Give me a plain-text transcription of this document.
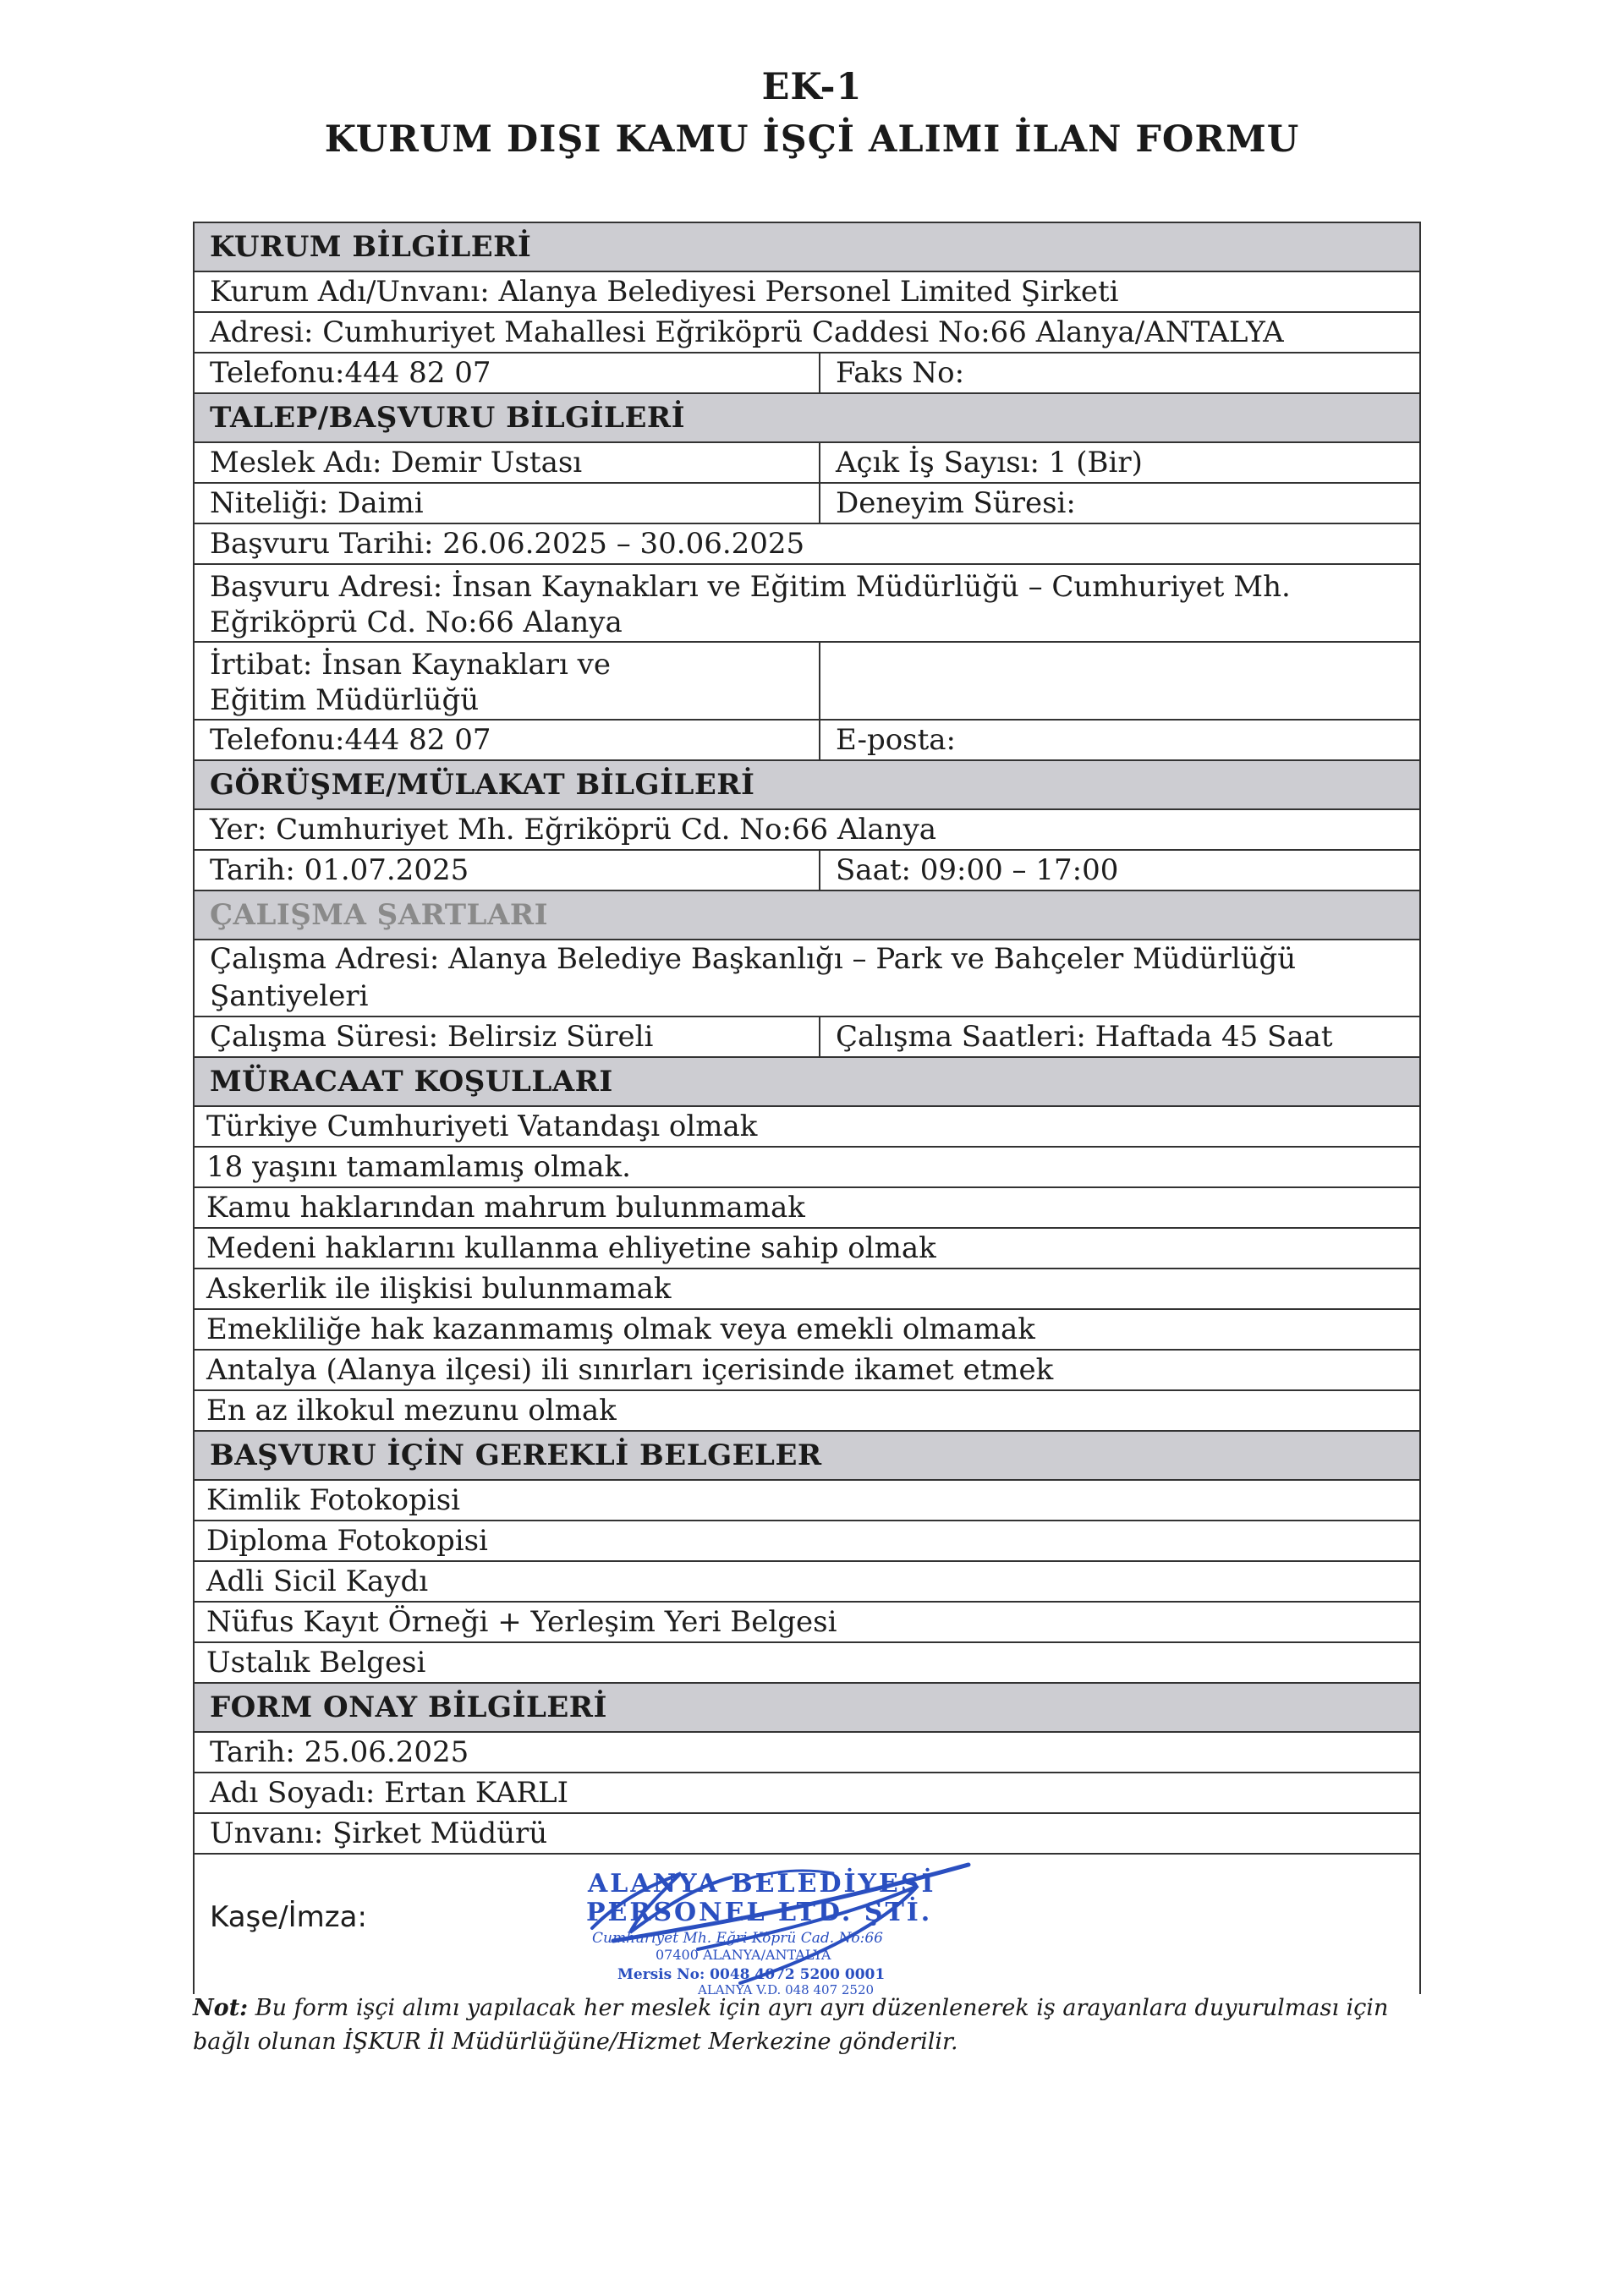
EK-1
KURUM DIŞI KAMU İŞÇİ ALIMI İLAN FORMU
KURUM BİLGİLERİ
Kurum Adı/Unvanı: Alanya Belediyesi Personel Limited Şirketi
Adresi: Cumhuriyet Mahallesi Eğriköprü Caddesi No:66 Alanya/ANTALYA
Telefonu:444 82 07	Faks No:
TALEP/BAŞVURU BİLGİLERİ
Meslek Adı: Demir Ustası	Açık İş Sayısı: 1 (Bir)
Niteliği: Daimi	Deneyim Süresi:
Başvuru Tarihi: 26.06.2025 – 30.06.2025
Başvuru Adresi: İnsan Kaynakları ve Eğitim Müdürlüğü – Cumhuriyet Mh. Eğriköprü Cd. No:66 Alanya
İrtibat: İnsan Kaynakları ve Eğitim Müdürlüğü
Telefonu:444 82 07	E-posta:
GÖRÜŞME/MÜLAKAT BİLGİLERİ
Yer: Cumhuriyet Mh. Eğriköprü Cd. No:66 Alanya
Tarih: 01.07.2025	Saat: 09:00 – 17:00
ÇALIŞMA ŞARTLARI
Çalışma Adresi: Alanya Belediye Başkanlığı – Park ve Bahçeler Müdürlüğü Şantiyeleri
Çalışma Süresi: Belirsiz Süreli	Çalışma Saatleri: Haftada 45 Saat
MÜRACAAT KOŞULLARI
Türkiye Cumhuriyeti Vatandaşı olmak
18 yaşını tamamlamış olmak.
Kamu haklarından mahrum bulunmamak
Medeni haklarını kullanma ehliyetine sahip olmak
Askerlik ile ilişkisi bulunmamak
Emekliliğe hak kazanmamış olmak veya emekli olmamak
Antalya (Alanya ilçesi) ili sınırları içerisinde ikamet etmek
En az ilkokul mezunu olmak
BAŞVURU İÇİN GEREKLİ BELGELER
Kimlik Fotokopisi
Diploma Fotokopisi
Adli Sicil Kaydı
Nüfus Kayıt Örneği + Yerleşim Yeri Belgesi
Ustalık Belgesi
FORM ONAY BİLGİLERİ
Tarih: 25.06.2025
Adı Soyadı: Ertan KARLI
Unvanı: Şirket Müdürü
Kaşe/İmza:
ALANYA BELEDİYESİ
PERSONEL LTD. ŞTİ.
Cumhuriyet Mh. Eğri Köprü Cad. No:66
07400 ALANYA/ANTALYA
Mersis No: 0048 4072 5200 0001
ALANYA V.D. 048 407 2520
Not: Bu form işçi alımı yapılacak her meslek için ayrı ayrı düzenlenerek iş arayanlara duyurulması için bağlı olunan İŞKUR İl Müdürlüğüne/Hizmet Merkezine gönderilir.
